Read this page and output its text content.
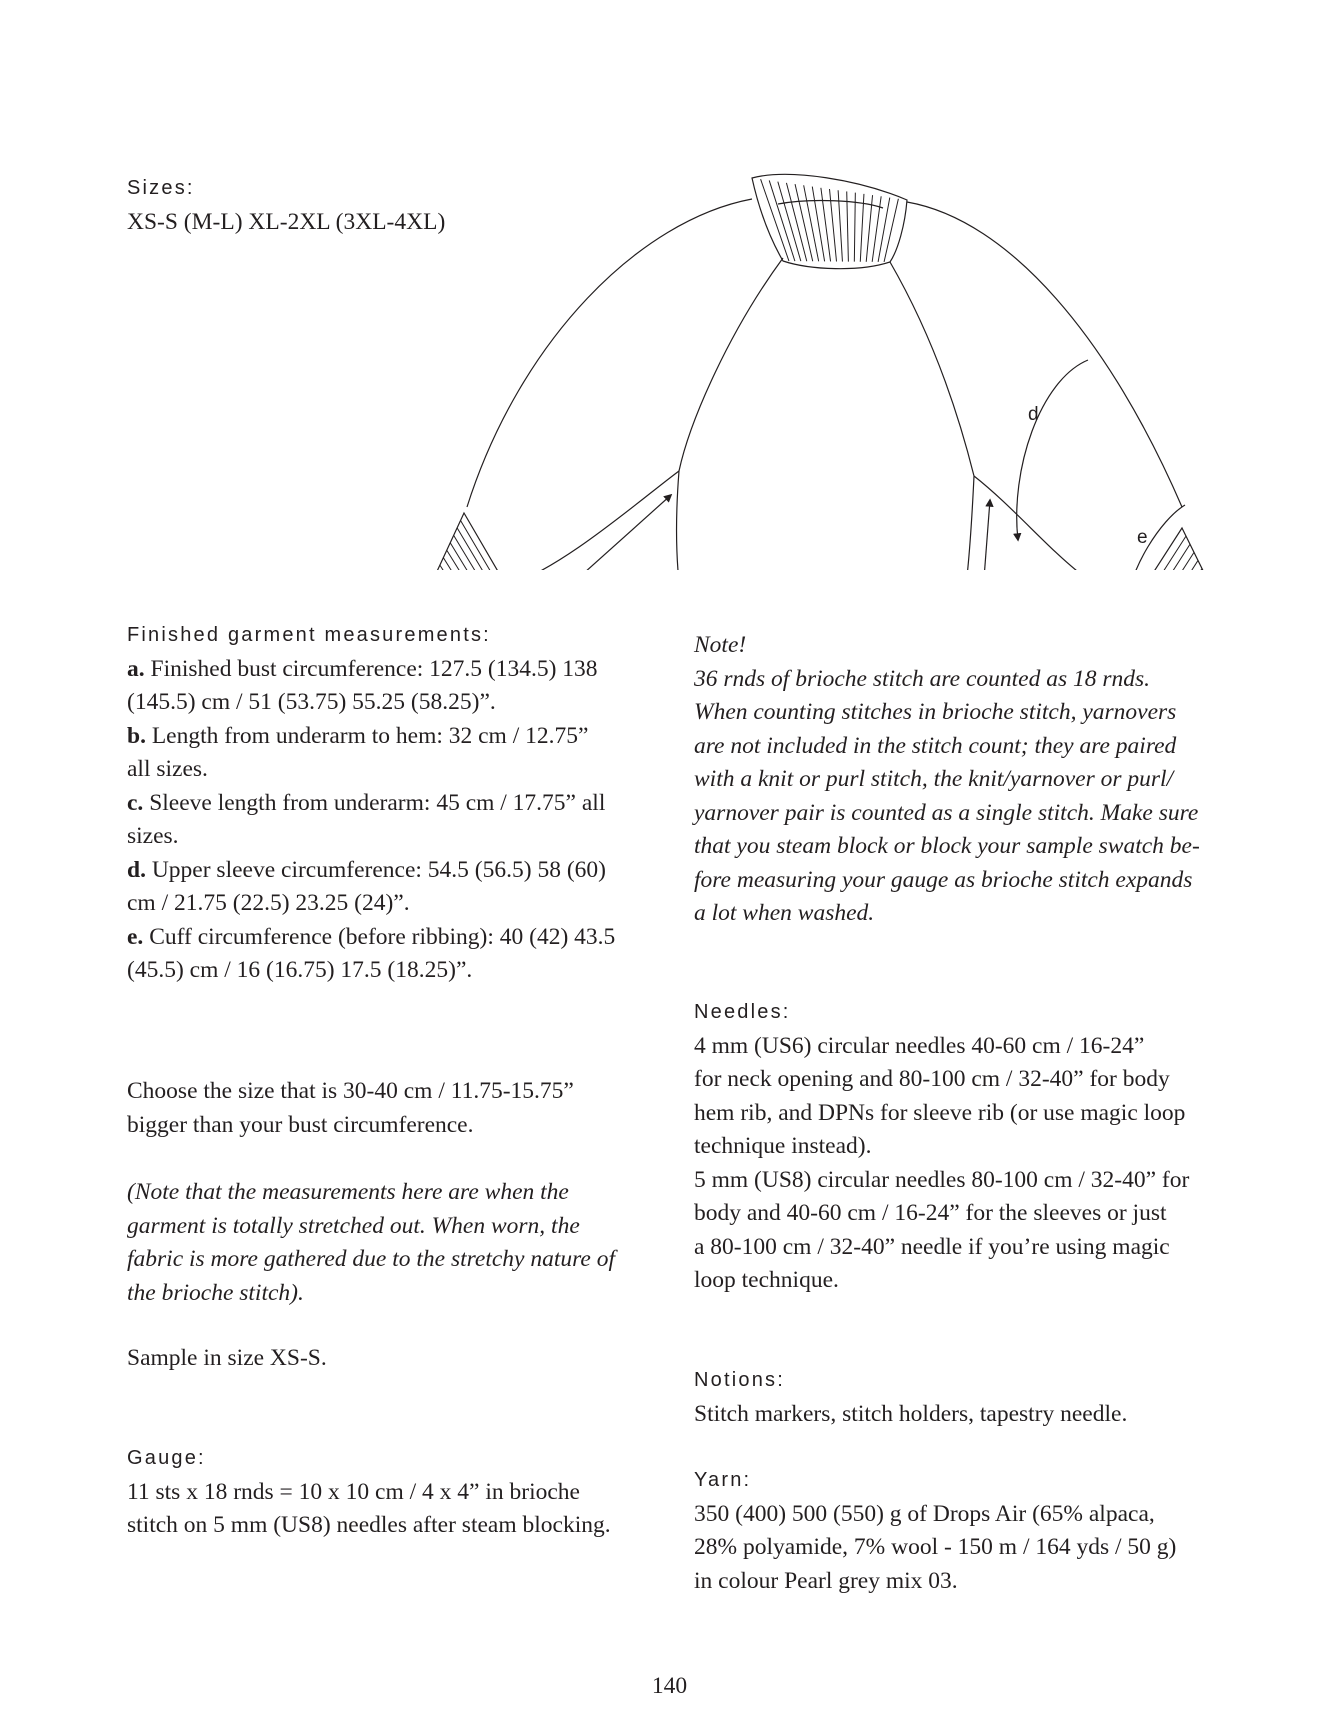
Sizes:
XS-S (M-L) XL-2XL (3XL-4XL)
d
e
Finished garment measurements:
a. Finished bust circumference: 127.5 (134.5) 138
(145.5) cm / 51 (53.75) 55.25 (58.25)”.
b. Length from underarm to hem: 32 cm / 12.75”
all sizes.
c. Sleeve length from underarm: 45 cm / 17.75” all
sizes.
d. Upper sleeve circumference: 54.5 (56.5) 58 (60)
cm / 21.75 (22.5) 23.25 (24)”.
e. Cuff circumference (before ribbing): 40 (42) 43.5
(45.5) cm / 16 (16.75) 17.5 (18.25)”.
Choose the size that is 30-40 cm / 11.75-15.75”
bigger than your bust circumference.
(Note that the measurements here are when the
garment is totally stretched out. When worn, the
fabric is more gathered due to the stretchy nature of
the brioche stitch).
Sample in size XS-S.
Gauge:
11 sts x 18 rnds = 10 x 10 cm / 4 x 4” in brioche
stitch on 5 mm (US8) needles after steam blocking.
Note!
36 rnds of brioche stitch are counted as 18 rnds.
When counting stitches in brioche stitch, yarnovers
are not included in the stitch count; they are paired
with a knit or purl stitch, the knit/yarnover or purl/
yarnover pair is counted as a single stitch. Make sure
that you steam block or block your sample swatch be-
fore measuring your gauge as brioche stitch expands
a lot when washed.
Needles:
4 mm (US6) circular needles 40-60 cm / 16-24”
for neck opening and 80-100 cm / 32-40” for body
hem rib, and DPNs for sleeve rib (or use magic loop
technique instead).
5 mm (US8) circular needles 80-100 cm / 32-40” for
body and 40-60 cm / 16-24” for the sleeves or just
a 80-100 cm / 32-40” needle if you’re using magic
loop technique.
Notions:
Stitch markers, stitch holders, tapestry needle.
Yarn:
350 (400) 500 (550) g of Drops Air (65% alpaca,
28% polyamide, 7% wool - 150 m / 164 yds / 50 g)
in colour Pearl grey mix 03.
140
